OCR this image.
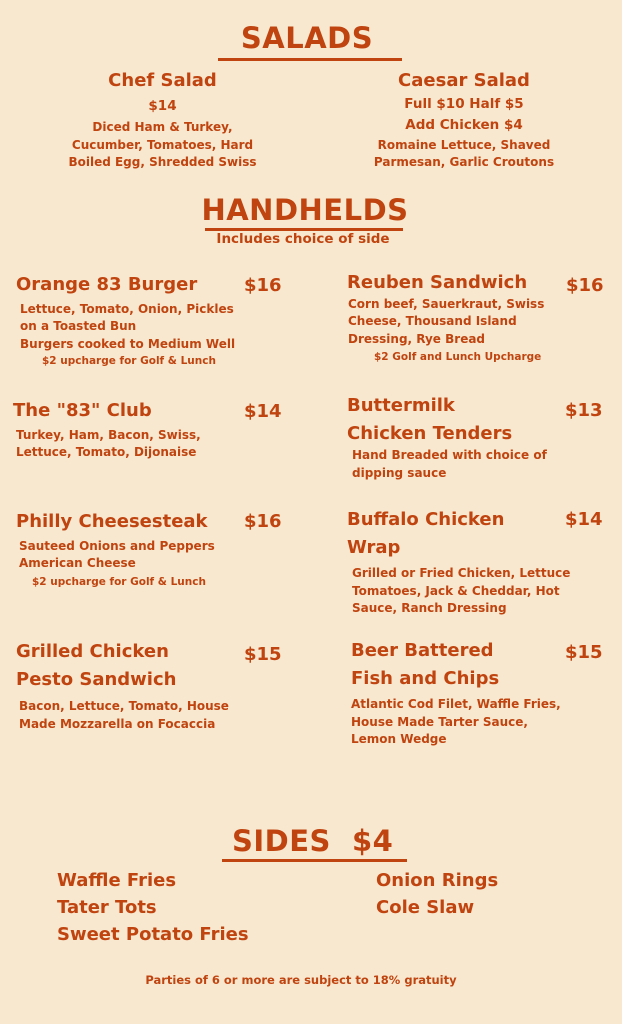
SALADS
Chef Salad
$14
Diced Ham & Turkey,
Cucumber, Tomatoes, Hard
Boiled Egg, Shredded Swiss
Caesar Salad
Full $10 Half $5
Add Chicken $4
Romaine Lettuce, Shaved
Parmesan, Garlic Croutons
HANDHELDS
Includes choice of side
Orange 83 Burger
Lettuce, Tomato, Onion, Pickles
on a Toasted Bun
Burgers cooked to Medium Well
$2 upcharge for Golf & Lunch
$16	Reuben Sandwich
Corn beef, Sauerkraut, Swiss
Cheese, Thousand Island
Dressing, Rye Bread
$2 Golf and Lunch Upcharge
$16
The "83" Club
Turkey, Ham, Bacon, Swiss,
Lettuce, Tomato, Dijonaise
$14	Buttermilk
Chicken Tenders
Hand Breaded with choice of
dipping sauce
$13
Philly Cheesesteak
Sauteed Onions and Peppers
American Cheese
$2 upcharge for Golf & Lunch
$16	Buffalo Chicken
Wrap
Grilled or Fried Chicken, Lettuce
Tomatoes, Jack & Cheddar, Hot
Sauce, Ranch Dressing
$14
Grilled Chicken
Pesto Sandwich
Bacon, Lettuce, Tomato, House
Made Mozzarella on Focaccia
$15	Beer Battered
Fish and Chips
Atlantic Cod Filet, Waffle Fries,
House Made Tarter Sauce,
Lemon Wedge
$15
SIDES $4
Waffle Fries
Tater Tots
Sweet Potato Fries
Onion Rings
Cole Slaw
Parties of 6 or more are subject to 18% gratuity
